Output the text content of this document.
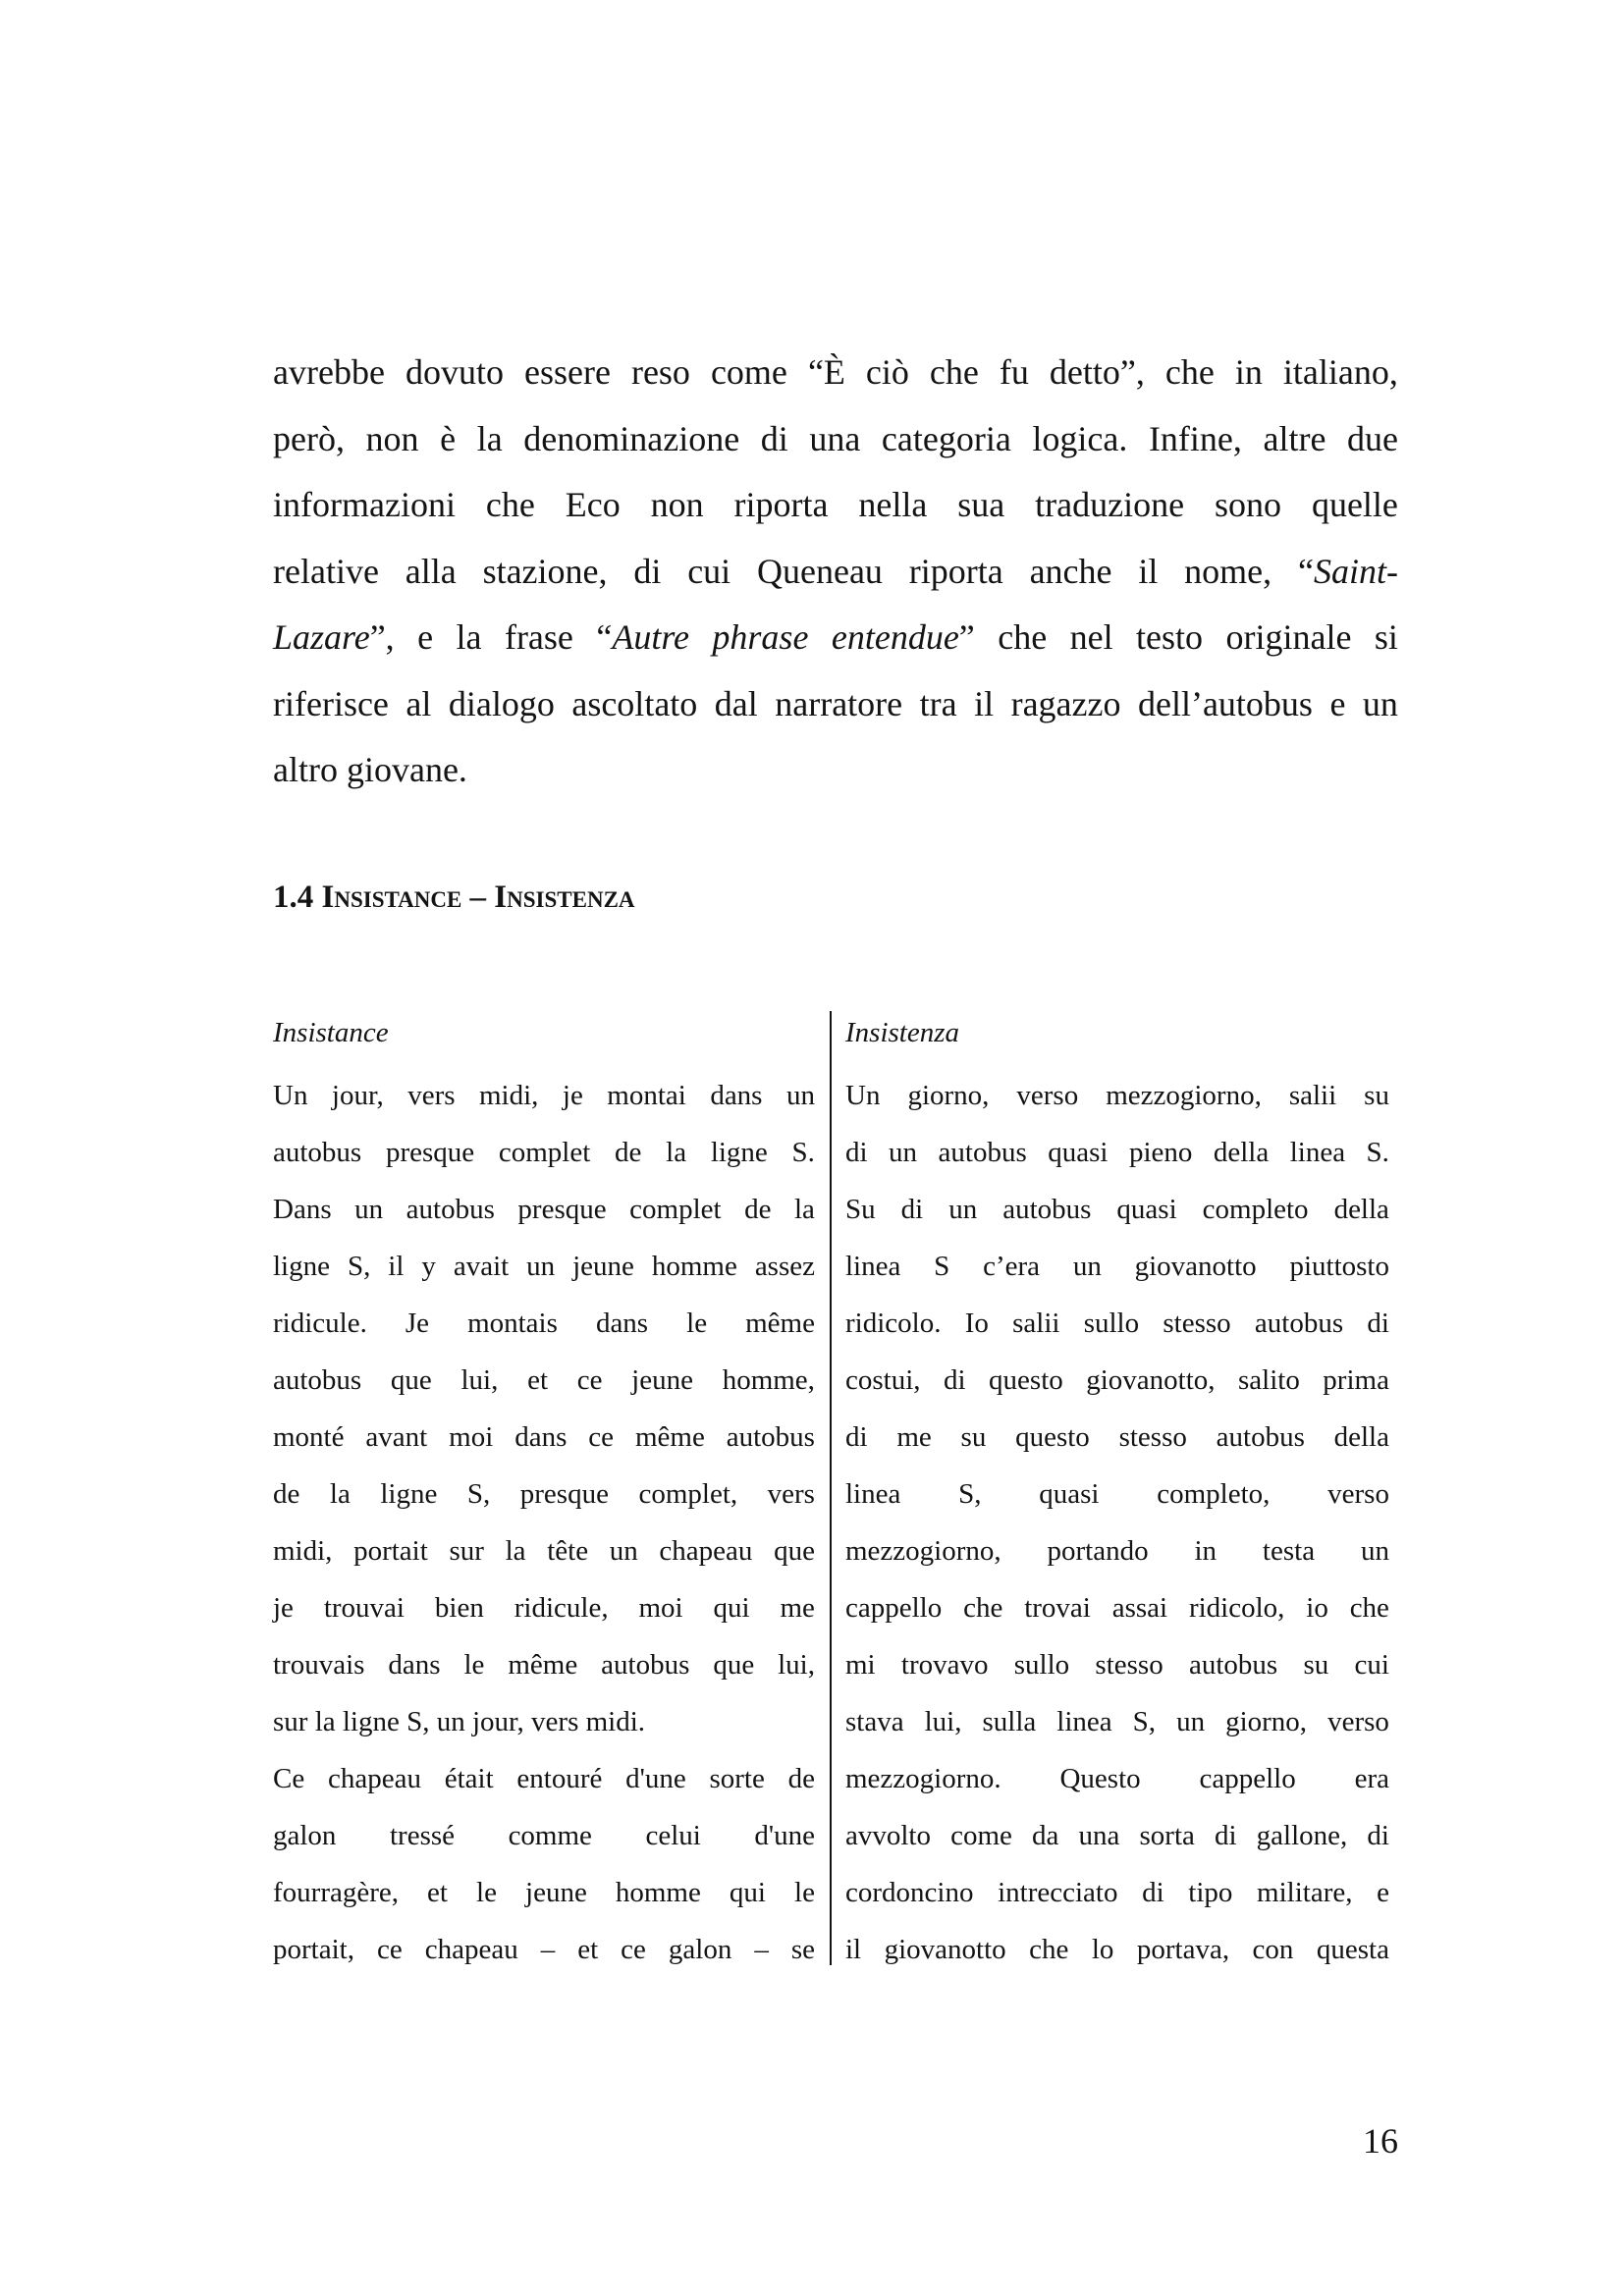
avrebbe dovuto essere reso come “È ciò che fu detto”, che in italiano,
però, non è la denominazione di una categoria logica. Infine, altre due
informazioni che Eco non riporta nella sua traduzione sono quelle
relative alla stazione, di cui Queneau riporta anche il nome, “Saint-
Lazare”, e la frase “Autre phrase entendue” che nel testo originale si
riferisce al dialogo ascoltato dal narratore tra il ragazzo dell’autobus e un
altro giovane.
1.4 Insistance – Insistenza
Insistance
Un jour, vers midi, je montai dans un
autobus presque complet de la ligne S.
Dans un autobus presque complet de la
ligne S, il y avait un jeune homme assez
ridicule. Je montais dans le même
autobus que lui, et ce jeune homme,
monté avant moi dans ce même autobus
de la ligne S, presque complet, vers
midi, portait sur la tête un chapeau que
je trouvai bien ridicule, moi qui me
trouvais dans le même autobus que lui,
sur la ligne S, un jour, vers midi.
Ce chapeau était entouré d'une sorte de
galon tressé comme celui d'une
fourragère, et le jeune homme qui le
portait, ce chapeau – et ce galon – se
Insistenza
Un giorno, verso mezzogiorno, salii su
di un autobus quasi pieno della linea S.
Su di un autobus quasi completo della
linea S c’era un giovanotto piuttosto
ridicolo. Io salii sullo stesso autobus di
costui, di questo giovanotto, salito prima
di me su questo stesso autobus della
linea S, quasi completo, verso
mezzogiorno, portando in testa un
cappello che trovai assai ridicolo, io che
mi trovavo sullo stesso autobus su cui
stava lui, sulla linea S, un giorno, verso
mezzogiorno. Questo cappello era
avvolto come da una sorta di gallone, di
cordoncino intrecciato di tipo militare, e
il giovanotto che lo portava, con questa
16
